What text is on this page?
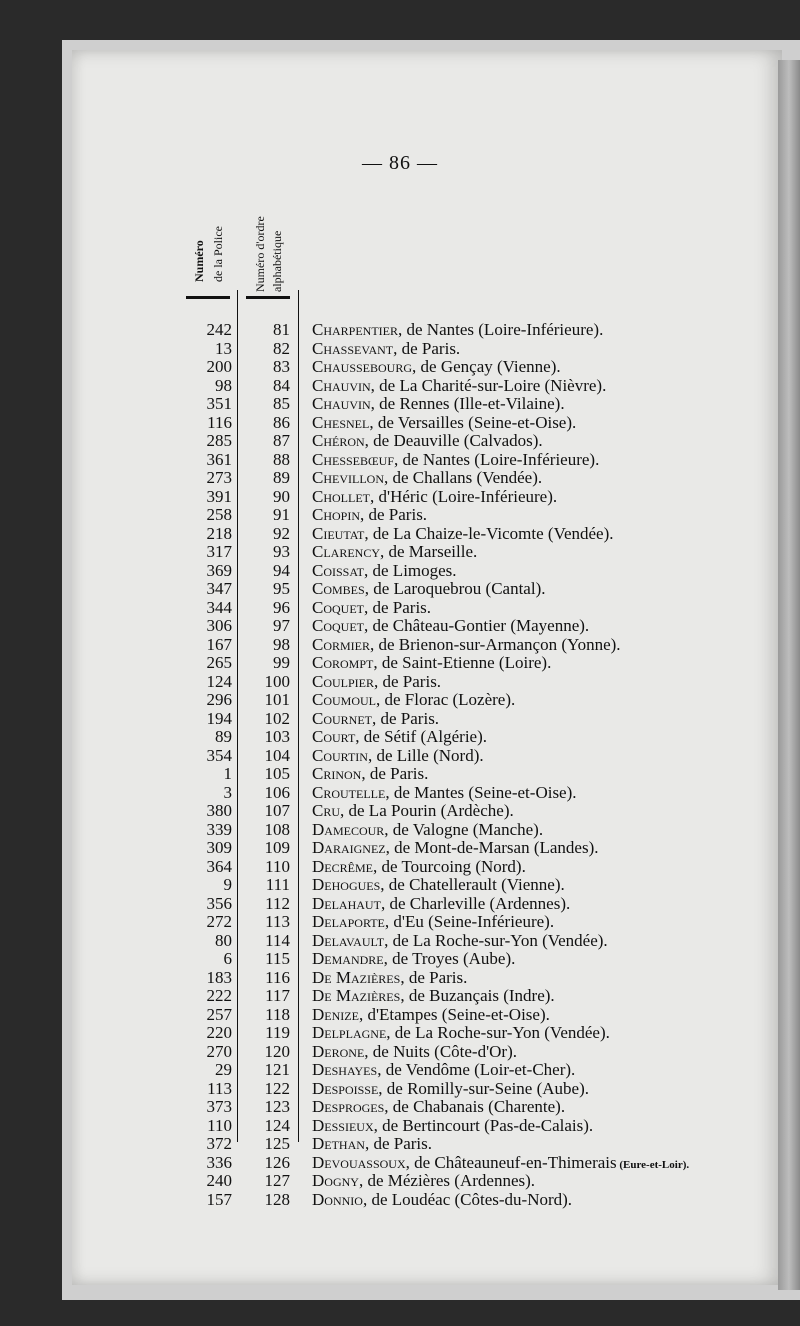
— 86 —
Numéro de la Police Numéro d'ordre alphabétique
242	81 Charpentier, de Nantes (Loire-Inférieure).
13	82 Chassevant, de Paris.
200	83 Chaussebourg, de Gençay (Vienne).
98	84 Chauvin, de La Charité-sur-Loire (Nièvre).
351	85 Chauvin, de Rennes (Ille-et-Vilaine).
116	86 Chesnel, de Versailles (Seine-et-Oise).
285	87 Chéron, de Deauville (Calvados).
361	88 Chessebœuf, de Nantes (Loire-Inférieure).
273	89 Chevillon, de Challans (Vendée).
391	90 Chollet, d'Héric (Loire-Inférieure).
258	91 Chopin, de Paris.
218	92 Cieutat, de La Chaize-le-Vicomte (Vendée).
317	93 Clarency, de Marseille.
369	94 Coissat, de Limoges.
347	95 Combes, de Laroquebrou (Cantal).
344	96 Coquet, de Paris.
306	97 Coquet, de Château-Gontier (Mayenne).
167	98 Cormier, de Brienon-sur-Armançon (Yonne).
265	99 Corompt, de Saint-Etienne (Loire).
124	100 Coulpier, de Paris.
296	101 Coumoul, de Florac (Lozère).
194	102 Cournet, de Paris.
89	103 Court, de Sétif (Algérie).
354	104 Courtin, de Lille (Nord).
1	105 Crinon, de Paris.
3	106 Croutelle, de Mantes (Seine-et-Oise).
380	107 Cru, de La Pourin (Ardèche).
339	108 Damecour, de Valogne (Manche).
309	109 Daraignez, de Mont-de-Marsan (Landes).
364	110 Decrême, de Tourcoing (Nord).
9	111 Dehogues, de Chatellerault (Vienne).
356	112 Delahaut, de Charleville (Ardennes).
272	113 Delaporte, d'Eu (Seine-Inférieure).
80	114 Delavault, de La Roche-sur-Yon (Vendée).
6	115 Demandre, de Troyes (Aube).
183	116 De Mazières, de Paris.
222	117 De Mazières, de Buzançais (Indre).
257	118 Denize, d'Etampes (Seine-et-Oise).
220	119 Delplagne, de La Roche-sur-Yon (Vendée).
270	120 Derone, de Nuits (Côte-d'Or).
29	121 Deshayes, de Vendôme (Loir-et-Cher).
113	122 Despoisse, de Romilly-sur-Seine (Aube).
373	123 Desproges, de Chabanais (Charente).
110	124 Dessieux, de Bertincourt (Pas-de-Calais).
372	125 Dethan, de Paris.
336	126 Devouassoux, de Châteauneuf-en-Thimerais (Eure-et-Loir).
240	127 Dogny, de Mézières (Ardennes).
157	128 Donnio, de Loudéac (Côtes-du-Nord).
